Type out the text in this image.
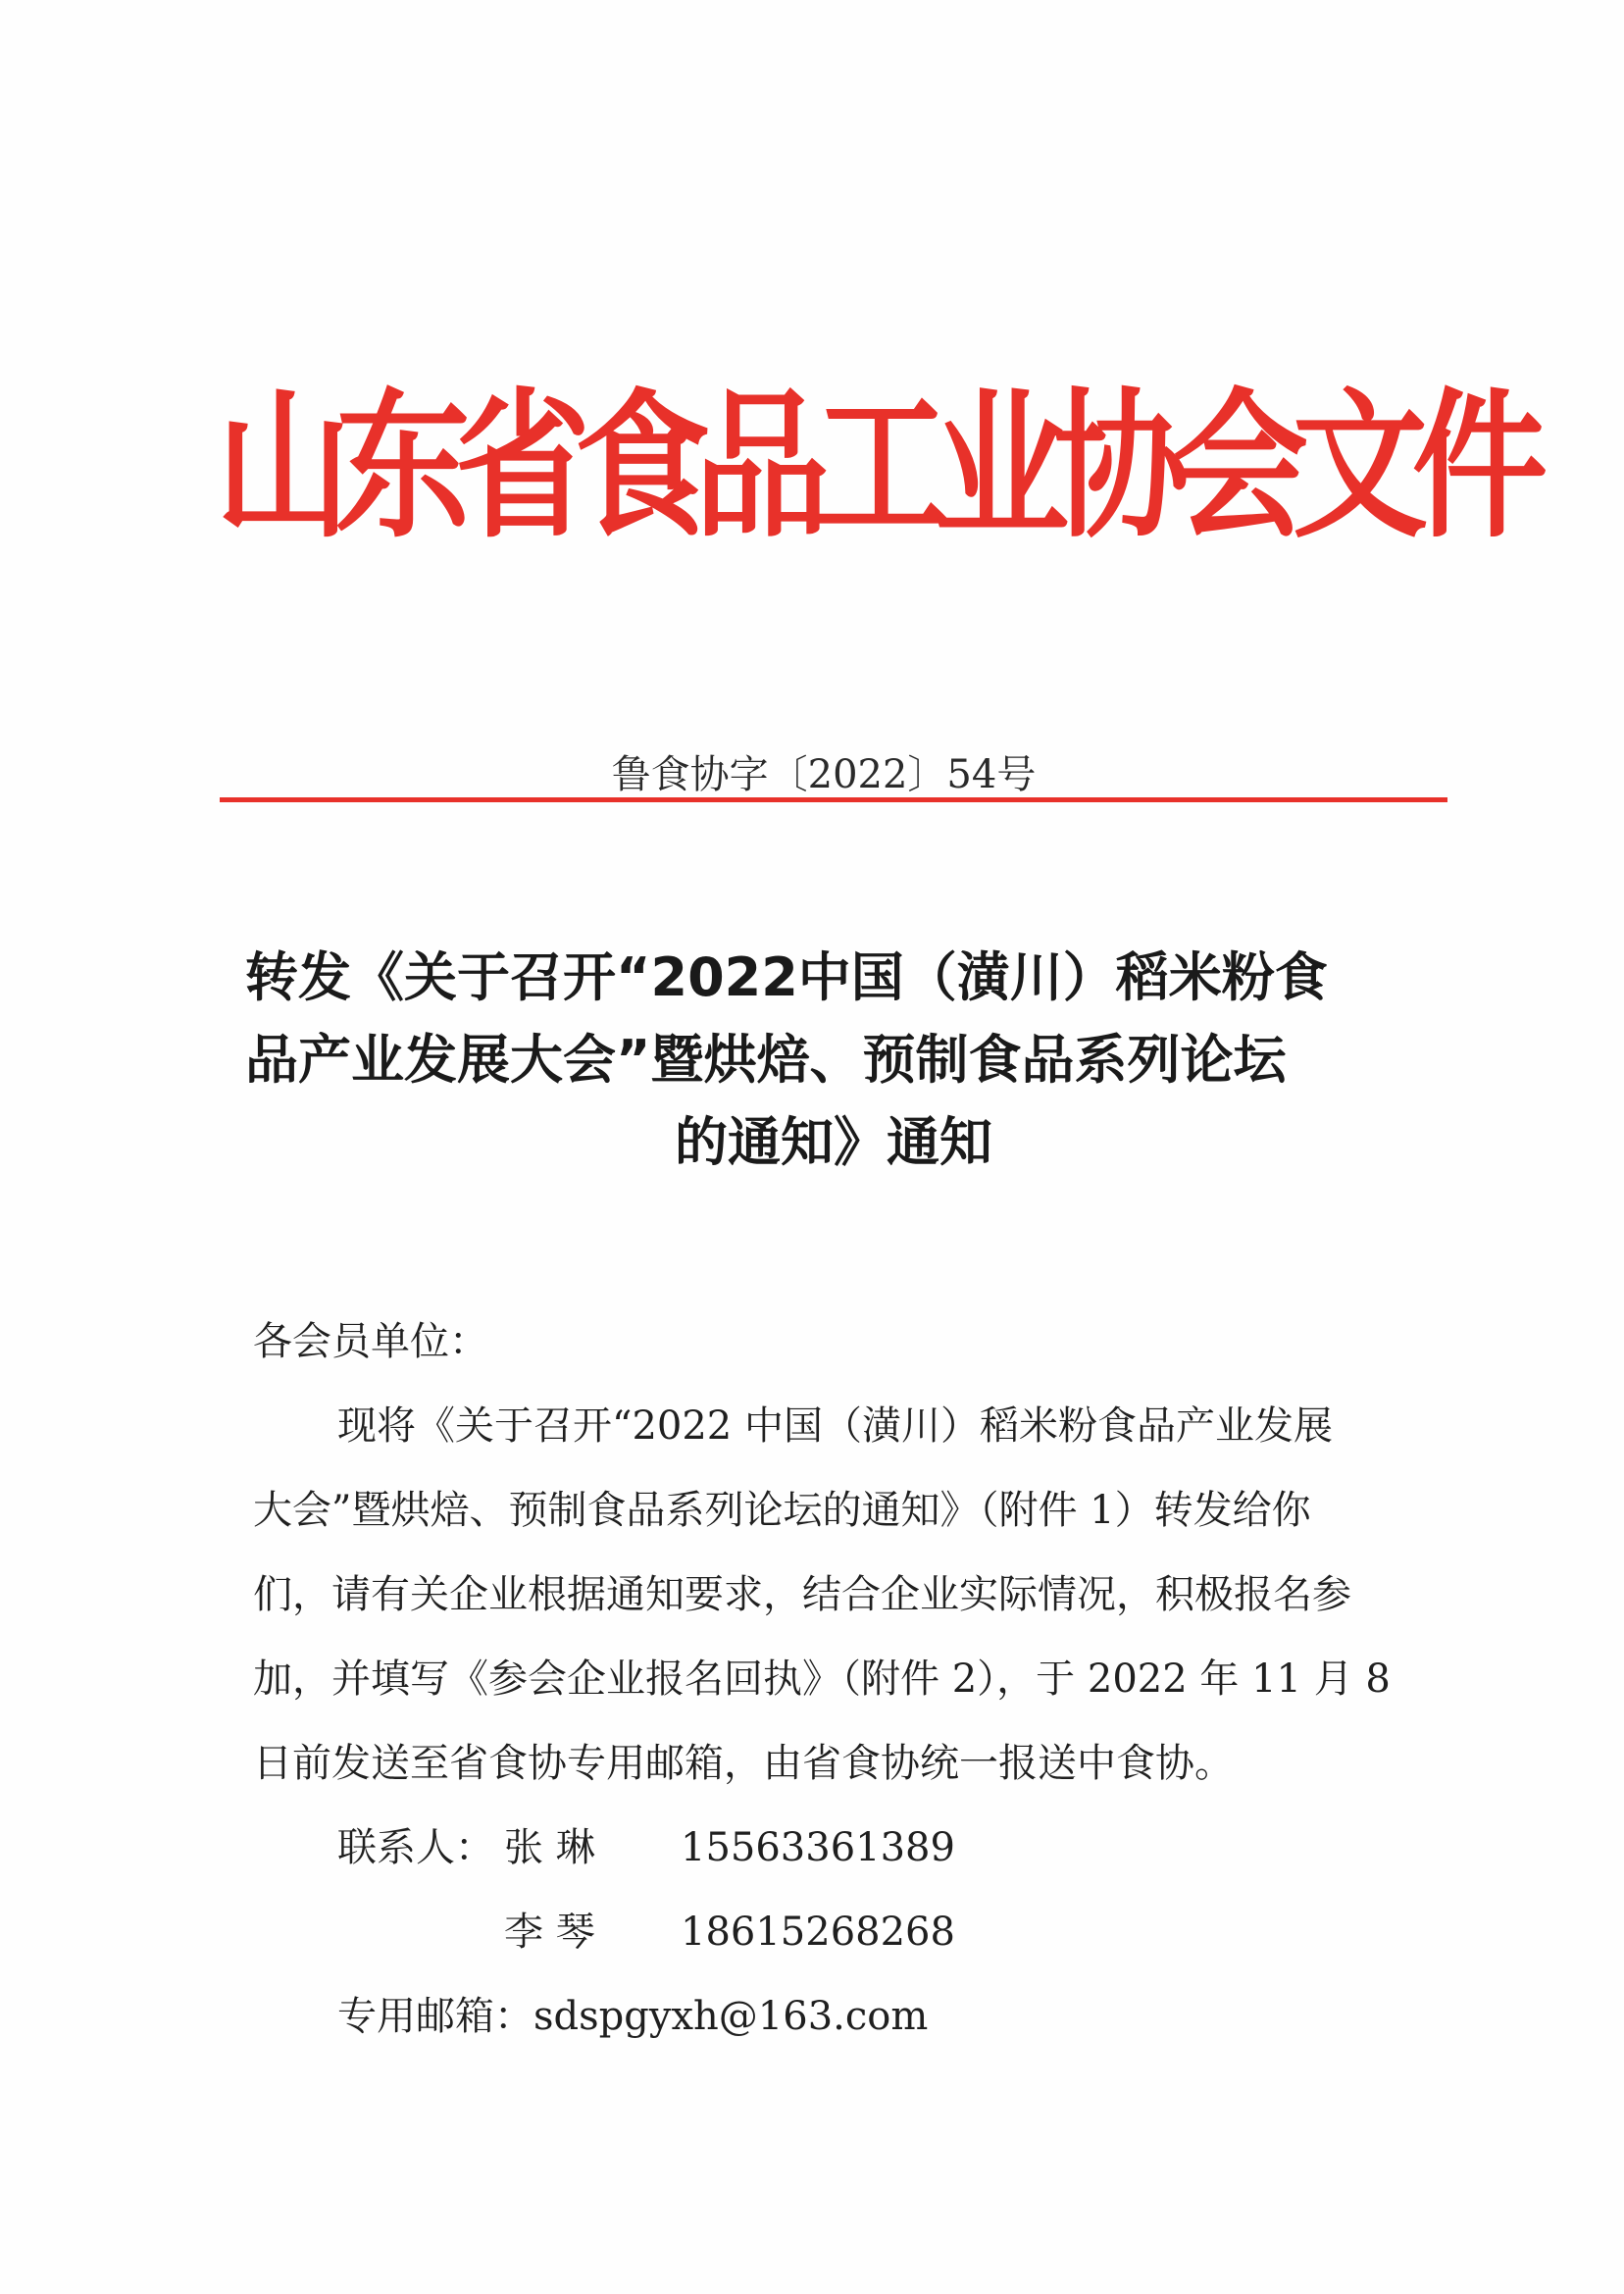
山东省食品工业协会文件
鲁食协字〔2022〕54号
转发《关于召开“2022中国（潢川）稻米粉食
品产业发展大会”暨烘焙、预制食品系列论坛
的通知》通知
各会员单位：
现将《关于召开“2022 中国（潢川）稻米粉食品产业发展
大会”暨烘焙、预制食品系列论坛的通知》（附件 1）转发给你
们，请有关企业根据通知要求，结合企业实际情况，积极报名参
加，并填写《参会企业报名回执》（附件 2），于 2022 年 11 月 8
日前发送至省食协专用邮箱，由省食协统一报送中食协。
联系人： 张 琳 15563361389
李 琴 18615268268
专用邮箱：sdspgyxh@163.com
